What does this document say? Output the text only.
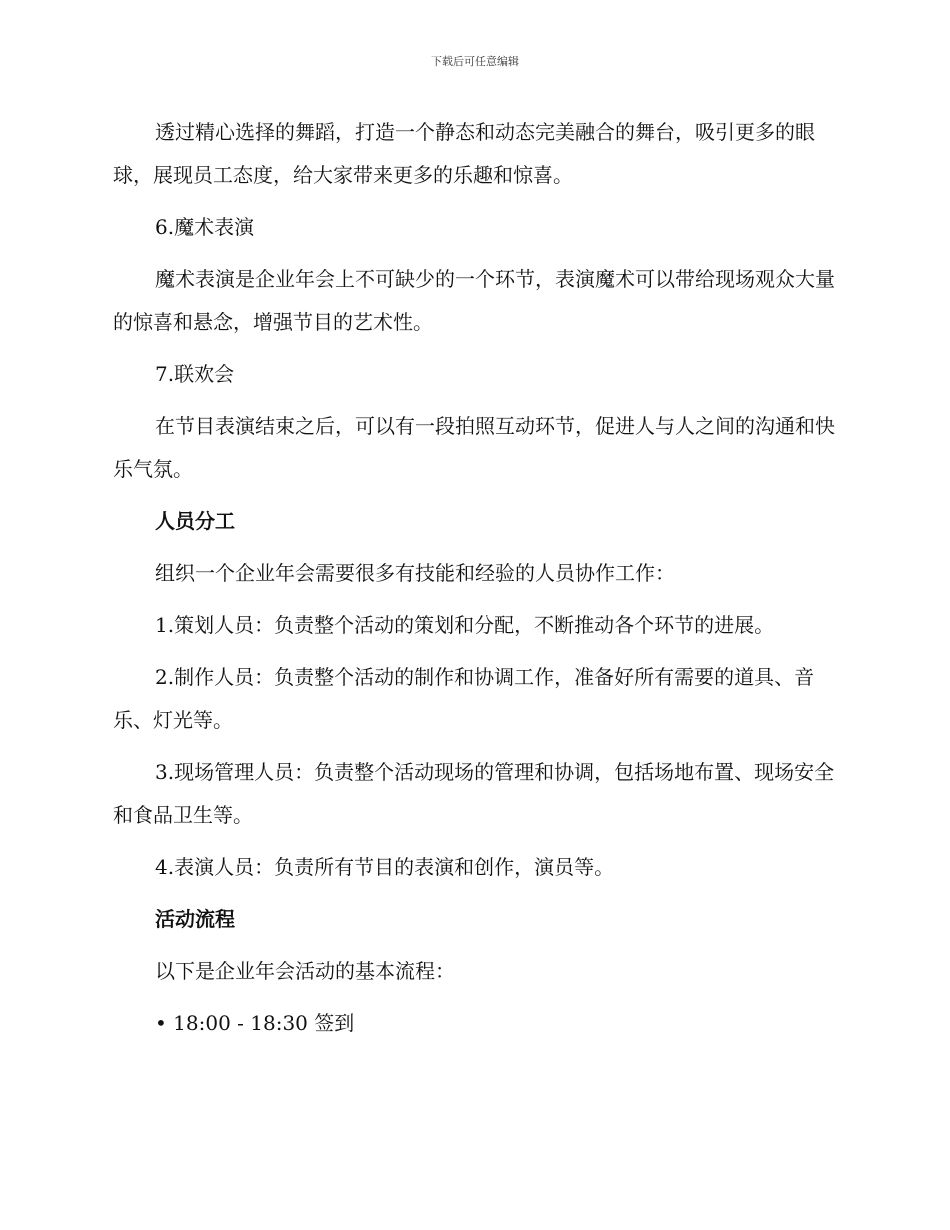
下载后可任意编辑

透过精心选择的舞蹈，打造一个静态和动态完美融合的舞台，吸引更多的眼球，展现员工态度，给大家带来更多的乐趣和惊喜。

6.魔术表演

魔术表演是企业年会上不可缺少的一个环节，表演魔术可以带给现场观众大量的惊喜和悬念，增强节目的艺术性。

7.联欢会

在节目表演结束之后，可以有一段拍照互动环节，促进人与人之间的沟通和快乐气氛。

人员分工

组织一个企业年会需要很多有技能和经验的人员协作工作：

1.策划人员：负责整个活动的策划和分配，不断推动各个环节的进展。

2.制作人员：负责整个活动的制作和协调工作，准备好所有需要的道具、音乐、灯光等。

3.现场管理人员：负责整个活动现场的管理和协调，包括场地布置、现场安全和食品卫生等。

4.表演人员：负责所有节目的表演和创作，演员等。

活动流程

以下是企业年会活动的基本流程：

• 18:00 - 18:30 签到
